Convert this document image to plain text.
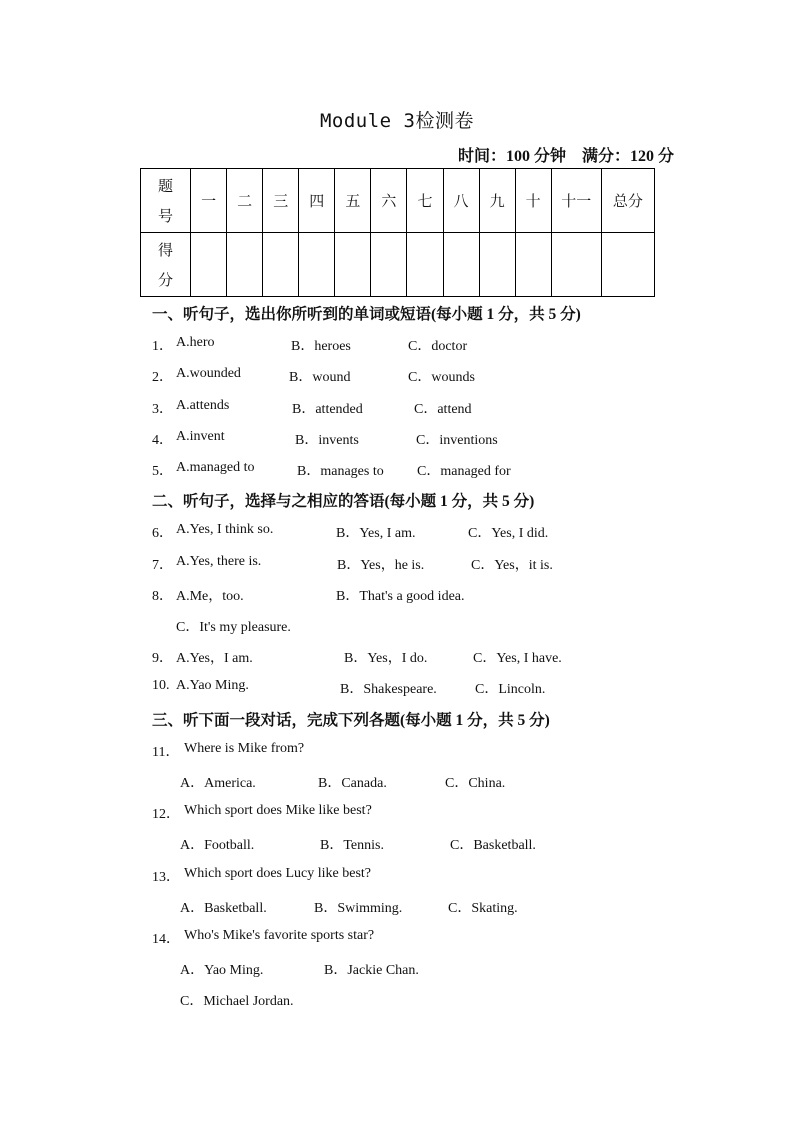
Module 3检测卷
时间：100 分钟　满分：120 分
题
号	一	二	三	四	五	六	七	八	九	十	十一	总分

得
分												

一、听句子，选出你所听到的单词或短语(每小题 1 分，共 5 分)
1． A.hero	B．heroes	C．doctor
2． A.wounded	B．wound	C．wounds
3． A.attends	B．attended	C．attend
4． A.invent	B．invents	C．inventions
5． A.managed to	B．manages to C．managed for
二、听句子，选择与之相应的答语(每小题 1 分，共 5 分)
6． A.Yes, I think so.	B．Yes, I am.	C．Yes, I did.
7． A.Yes, there is.	B．Yes，he is.	C．Yes，it is.
8． A.Me，too.	B．That's a good idea.
C．It's my pleasure.
9． A.Yes，I am.	B．Yes，I do.	C．Yes, I have.
10. A.Yao Ming.	B．Shakespeare.	C．Lincoln.
三、听下面一段对话，完成下列各题(每小题 1 分，共 5 分)
11． Where is Mike from?
A．America.	B．Canada.	C．China.
12． Which sport does Mike like best?
A．Football.	B．Tennis.	C．Basketball.
13． Which sport does Lucy like best?
A．Basketball.	B．Swimming.	C．Skating.
14． Who's Mike's favorite sports star?
A．Yao Ming.	B．Jackie Chan.
C．Michael Jordan.
